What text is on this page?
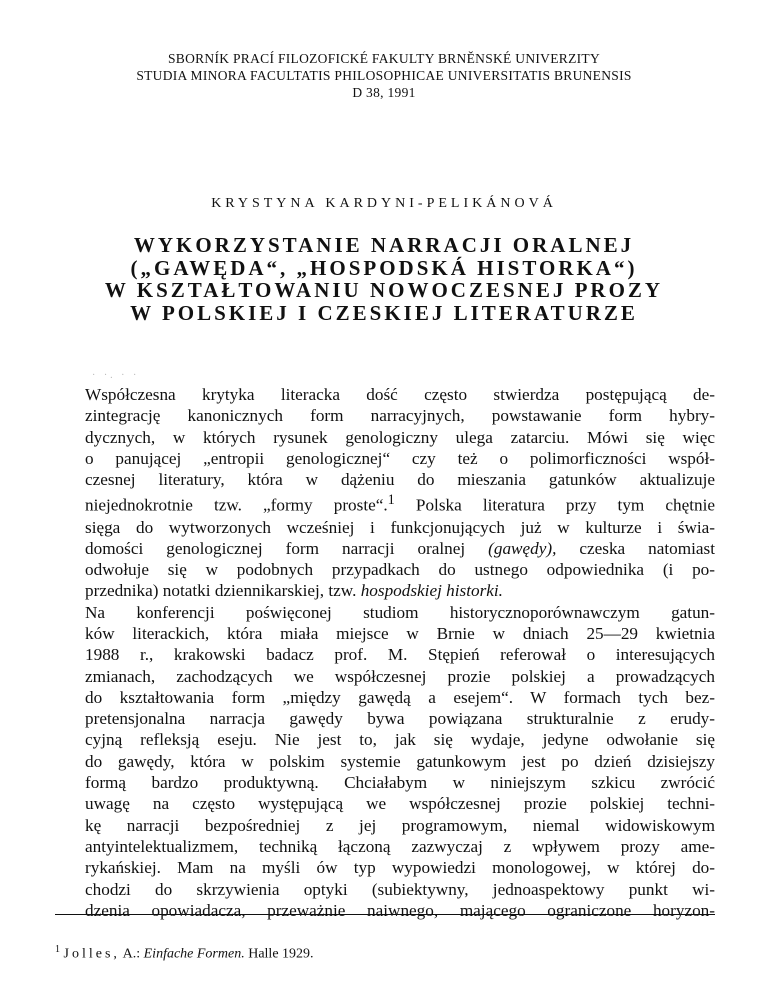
SBORNÍK PRACÍ FILOZOFICKÉ FAKULTY BRNĚNSKÉ UNIVERZITY
STUDIA MINORA FACULTATIS PHILOSOPHICAE UNIVERSITATIS BRUNENSIS
D 38, 1991
KRYSTYNA KARDYNI-PELIKÁNOVÁ
WYKORZYSTANIE NARRACJI ORALNEJ
(„GAWĘDA“, „HOSPODSKÁ HISTORKA“)
W KSZTAŁTOWANIU NOWOCZESNEJ PROZY
W POLSKIEJ I CZESKIEJ LITERATURZE
· ·. · ·

Współczesna krytyka literacka dość często stwierdza postępującą de-
zintegrację kanonicznych form narracyjnych, powstawanie form hybry-
dycznych, w których rysunek genologiczny ulega zatarciu. Mówi się więc
o panującej „entropii genologicznej“ czy też o polimorficzności współ-
czesnej literatury, która w dążeniu do mieszania gatunków aktualizuje
niejednokrotnie tzw. „formy proste“.$^1$ Polska literatura przy tym chętnie
sięga do wytworzonych wcześniej i funkcjonujących już w kulturze i świa-
domości genologicznej form narracji oralnej (gawędy), czeska natomiast
odwołuje się w podobnych przypadkach do ustnego odpowiednika (i po-
przednika) notatki dziennikarskiej, tzw. hospodskiej historki.

Na konferencji poświęconej studiom historycznoporównawczym gatun-
ków literackich, która miała miejsce w Brnie w dniach 25—29 kwietnia
1988 r., krakowski badacz prof. M. Stępień referował o interesujących
zmianach, zachodzących we współczesnej prozie polskiej a prowadzących
do kształtowania form „między gawędą a esejem“. W formach tych bez-
pretensjonalna narracja gawędy bywa powiązana strukturalnie z erudy-
cyjną refleksją eseju. Nie jest to, jak się wydaje, jedyne odwołanie się
do gawędy, która w polskim systemie gatunkowym jest po dzień dzisiejszy
formą bardzo produktywną. Chciałabym w niniejszym szkicu zwrócić
uwagę na często występującą we współczesnej prozie polskiej techni-
kę narracji bezpośredniej z jej programowym, niemal widowiskowym
antyintelektualizmem, techniką łączoną zazwyczaj z wpływem prozy ame-
rykańskiej. Mam na myśli ów typ wypowiedzi monologowej, w której do-
chodzi do skrzywienia optyki (subiektywny, jednoaspektowy punkt wi-
dzenia opowiadacza, przeważnie naiwnego, mającego ograniczone horyzon-

$^1$ Jolles, A.: Einfache Formen. Halle 1929.
